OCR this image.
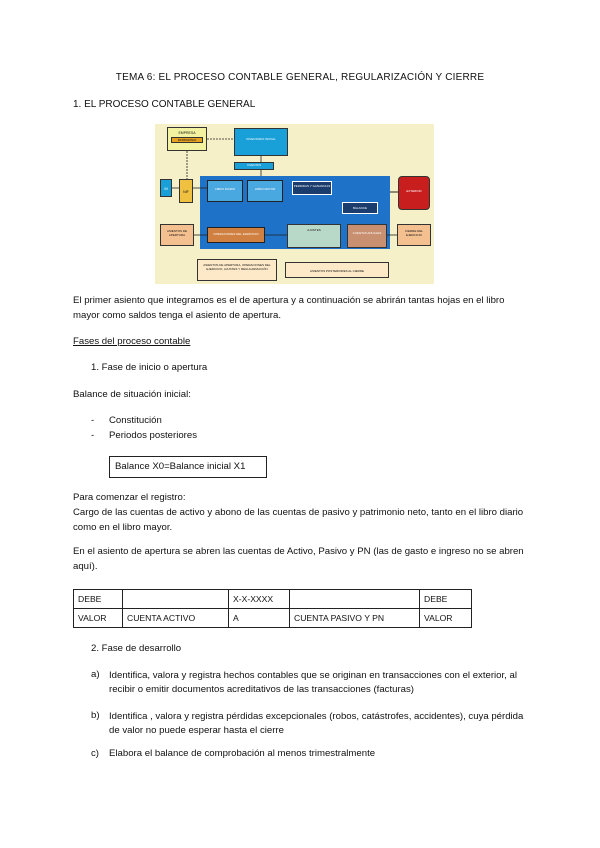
TEMA 6: EL PROCESO CONTABLE GENERAL, REGULARIZACIÓN Y CIERRE
1. EL PROCESO CONTABLE GENERAL
EMPRESA
PATRIMONIO	INVENTARIO INICIAL
CUENTAS
M
NIF
LIBRO DIARIO	LIBRO MAYOR
PERDIDAS Y GANANCIAS
BALANCE
EXTERIOR
ASIENTOS DE APERTURA	OPERACIONES DEL EJERCICIO
AJUSTES
CUENTAS ANUALES	CIERRE DEL EJERCICIO
ASIENTOS DE APERTURA, OPERACIONES DEL EJERCICIO, AJUSTES Y REGULARIZACIÓN	ASIENTOS POSTERIORES AL CIERRE

El primer asiento que integramos es el de apertura y a continuación se abrirán tantas hojas en el libro mayor como saldos tenga el asiento de apertura.

Fases del proceso contable
1. Fase de inicio o apertura
Balance de situación inicial:
- Constitución
- Periodos posteriores
Balance X0=Balance inicial X1
Para comenzar el registro:

Cargo de las cuentas de activo y abono de las cuentas de pasivo y patrimonio neto, tanto en el libro diario como en el libro mayor.

En el asiento de apertura se abren las cuentas de Activo, Pasivo y PN (las de gasto e ingreso no se abren aquí).

DEBE		X-X-XXXX		DEBE
VALOR	CUENTA ACTIVO	A	CUENTA PASIVO Y PN	VALOR
2. Fase de desarrollo
a) Identifica, valora y registra hechos contables que se originan en transacciones con el exterior, al recibir o emitir documentos acreditativos de las transacciones (facturas)

b) Identifica , valora y registra pérdidas excepcionales (robos, catástrofes, accidentes), cuya pérdida de valor no puede esperar hasta el cierre

c) Elabora el balance de comprobación al menos trimestralmente
